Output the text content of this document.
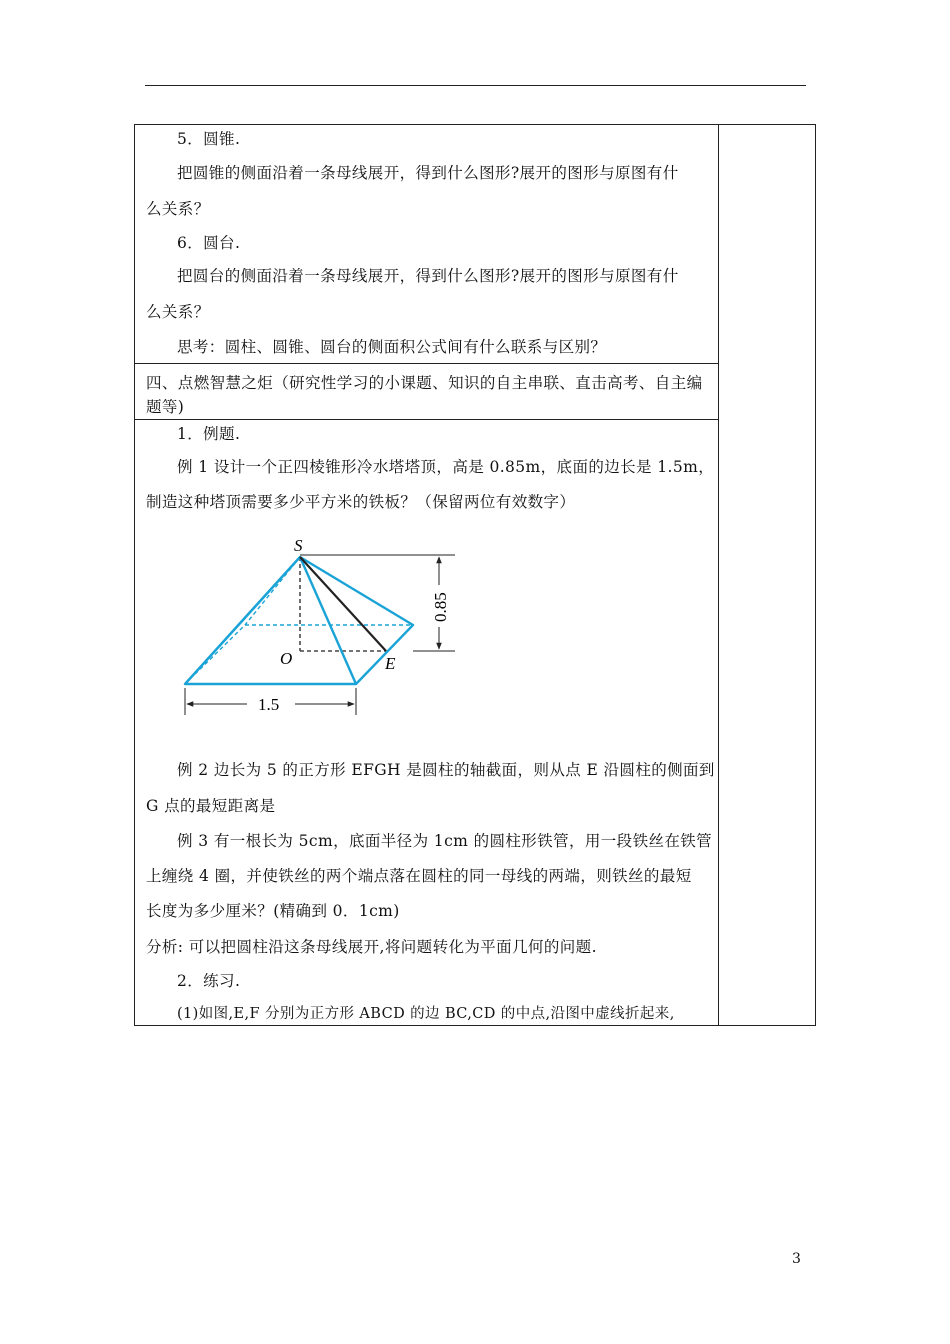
5．圆锥.
把圆锥的侧面沿着一条母线展开，得到什么图形?展开的图形与原图有什
么关系？
6．圆台.
把圆台的侧面沿着一条母线展开，得到什么图形?展开的图形与原图有什
么关系？
思考：圆柱、圆锥、圆台的侧面积公式间有什么联系与区别？
四、点燃智慧之炬（研究性学习的小课题、知识的自主串联、直击高考、自主编
题等)
1．例题.
例 1 设计一个正四棱锥形冷水塔塔顶，高是 0.85m，底面的边长是 1.5m，
制造这种塔顶需要多少平方米的铁板？（保留两位有效数字）
S
O	E
0.85
1.5
例 2 边长为 5 的正方形 EFGH 是圆柱的轴截面，则从点 E 沿圆柱的侧面到
G 点的最短距离是
例 3 有一根长为 5cm，底面半径为 1cm 的圆柱形铁管，用一段铁丝在铁管
上缠绕 4 圈，并使铁丝的两个端点落在圆柱的同一母线的两端，则铁丝的最短
长度为多少厘米？(精确到 0．1cm)
分析: 可以把圆柱沿这条母线展开,将问题转化为平面几何的问题.
2．练习.
(1)如图,E,F 分别为正方形 ABCD 的边 BC,CD 的中点,沿图中虚线折起来,
3
